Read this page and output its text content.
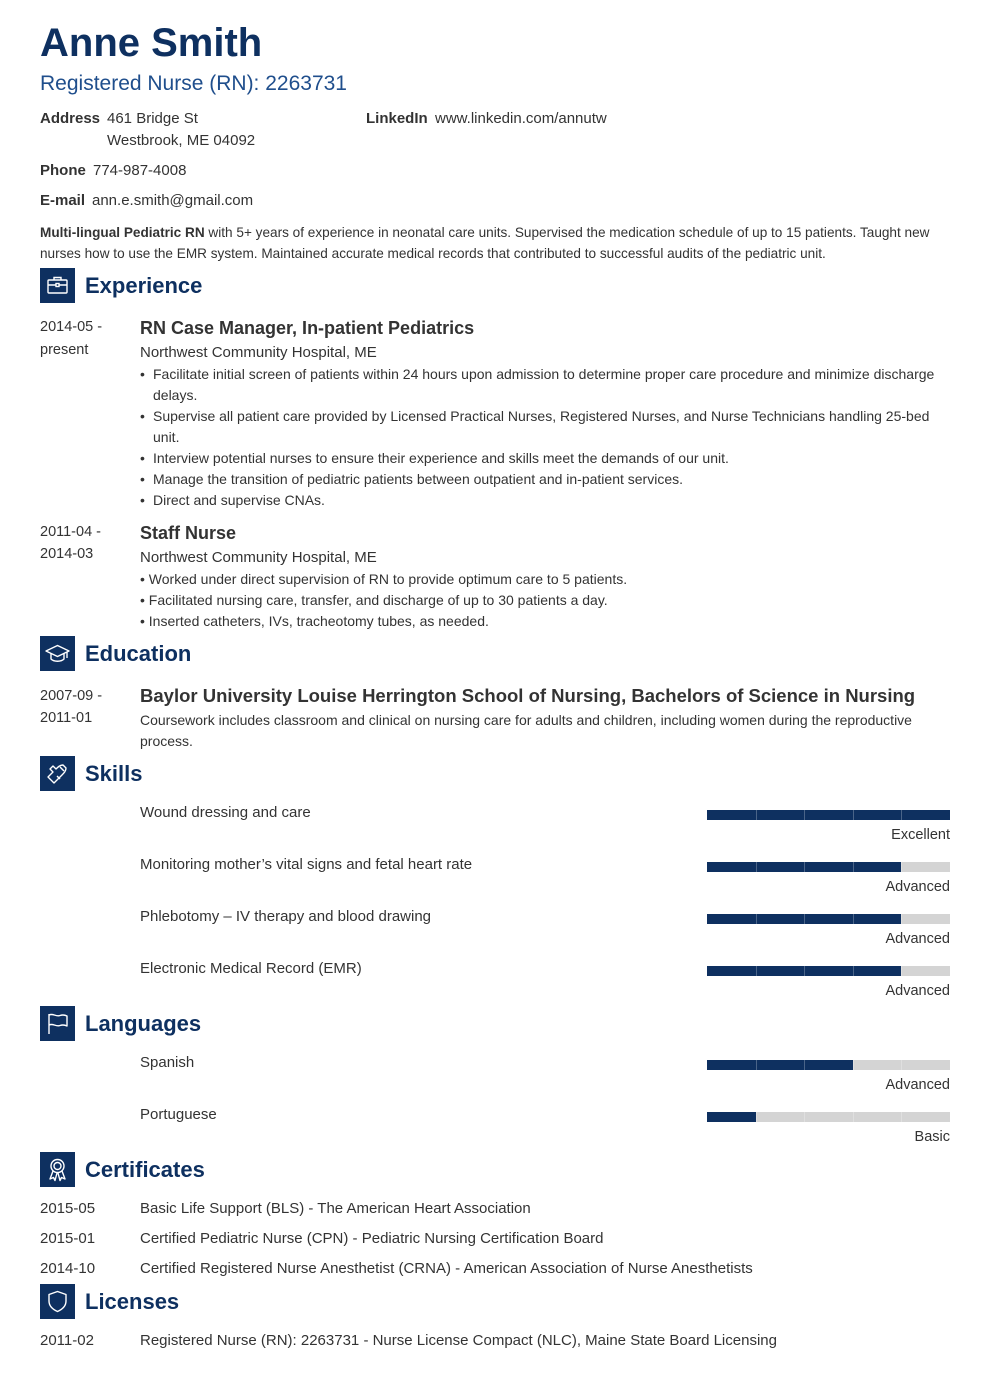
Anne Smith
Registered Nurse (RN): 2263731
Address 461 Bridge St
Westbrook, ME 04092
LinkedIn www.linkedin.com/annutw
Phone 774-987-4008
E-mail ann.e.smith@gmail.com
Multi-lingual Pediatric RN with 5+ years of experience in neonatal care units. Supervised the medication schedule of up to 15 patients. Taught new nurses how to use the EMR system. Maintained accurate medical records that contributed to successful audits of the pediatric unit.
Experience
2014-05 -
present
RN Case Manager, In-patient Pediatrics
Northwest Community Hospital, ME
• Facilitate initial screen of patients within 24 hours upon admission to determine proper care procedure and minimize discharge delays.
• Supervise all patient care provided by Licensed Practical Nurses, Registered Nurses, and Nurse Technicians handling 25-bed unit.
• Interview potential nurses to ensure their experience and skills meet the demands of our unit.
• Manage the transition of pediatric patients between outpatient and in-patient services.
• Direct and supervise CNAs.
2011-04 -
2014-03
Staff Nurse
Northwest Community Hospital, ME
• Worked under direct supervision of RN to provide optimum care to 5 patients.
• Facilitated nursing care, transfer, and discharge of up to 30 patients a day.
• Inserted catheters, IVs, tracheotomy tubes, as needed.
Education
2007-09 -
2011-01
Baylor University Louise Herrington School of Nursing, Bachelors of Science in Nursing
Coursework includes classroom and clinical on nursing care for adults and children, including women during the reproductive process.
Skills
Wound dressing and care
Excellent
Monitoring mother’s vital signs and fetal heart rate
Advanced
Phlebotomy – IV therapy and blood drawing
Advanced
Electronic Medical Record (EMR)
Advanced
Languages
Spanish
Advanced
Portuguese
Basic
Certificates
2015-05	Basic Life Support (BLS) - The American Heart Association
2015-01	Certified Pediatric Nurse (CPN) - Pediatric Nursing Certification Board
2014-10	Certified Registered Nurse Anesthetist (CRNA) - American Association of Nurse Anesthetists
Licenses
2011-02	Registered Nurse (RN): 2263731 - Nurse License Compact (NLC), Maine State Board Licensing
